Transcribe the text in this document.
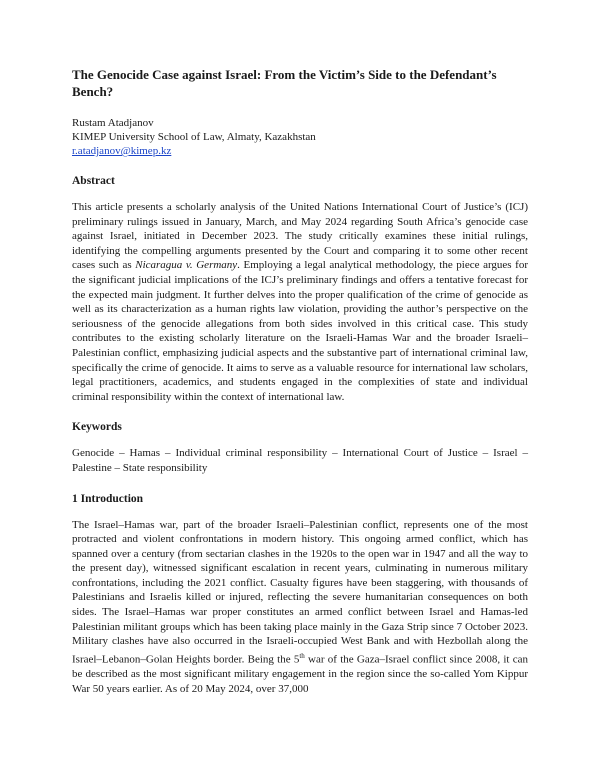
The Genocide Case against Israel: From the Victim’s Side to the Defendant’s Bench?
Rustam Atadjanov
KIMEP University School of Law, Almaty, Kazakhstan
r.atadjanov@kimep.kz
Abstract

This article presents a scholarly analysis of the United Nations International Court of Justice’s (ICJ) preliminary rulings issued in January, March, and May 2024 regarding South Africa’s genocide case against Israel, initiated in December 2023. The study critically examines these initial rulings, identifying the compelling arguments presented by the Court and comparing it to some other recent cases such as Nicaragua v. Germany. Employing a legal analytical methodology, the piece argues for the significant judicial implications of the ICJ’s preliminary findings and offers a tentative forecast for the expected main judgment. It further delves into the proper qualification of the crime of genocide as well as its characterization as a human rights law violation, providing the author’s perspective on the seriousness of the genocide allegations from both sides involved in this critical case. This study contributes to the existing scholarly literature on the Israeli-Hamas War and the broader Israeli–Palestinian conflict, emphasizing judicial aspects and the substantive part of international criminal law, specifically the crime of genocide. It aims to serve as a valuable resource for international law scholars, legal practitioners, academics, and students engaged in the complexities of state and individual criminal responsibility within the context of international law.

Keywords

Genocide – Hamas – Individual criminal responsibility – International Court of Justice – Israel – Palestine – State responsibility

1 Introduction

The Israel–Hamas war, part of the broader Israeli–Palestinian conflict, represents one of the most protracted and violent confrontations in modern history. This ongoing armed conflict, which has spanned over a century (from sectarian clashes in the 1920s to the open war in 1947 and all the way to the present day), witnessed significant escalation in recent years, culminating in numerous military confrontations, including the 2021 conflict. Casualty figures have been staggering, with thousands of Palestinians and Israelis killed or injured, reflecting the severe humanitarian consequences on both sides. The Israel–Hamas war proper constitutes an armed conflict between Israel and Hamas-led Palestinian militant groups which has been taking place mainly in the Gaza Strip since 7 October 2023. Military clashes have also occurred in the Israeli-occupied West Bank and with Hezbollah along the Israel–Lebanon–Golan Heights border. Being the 5th war of the Gaza–Israel conflict since 2008, it can be described as the most significant military engagement in the region since the so-called Yom Kippur War 50 years earlier. As of 20 May 2024, over 37,000
